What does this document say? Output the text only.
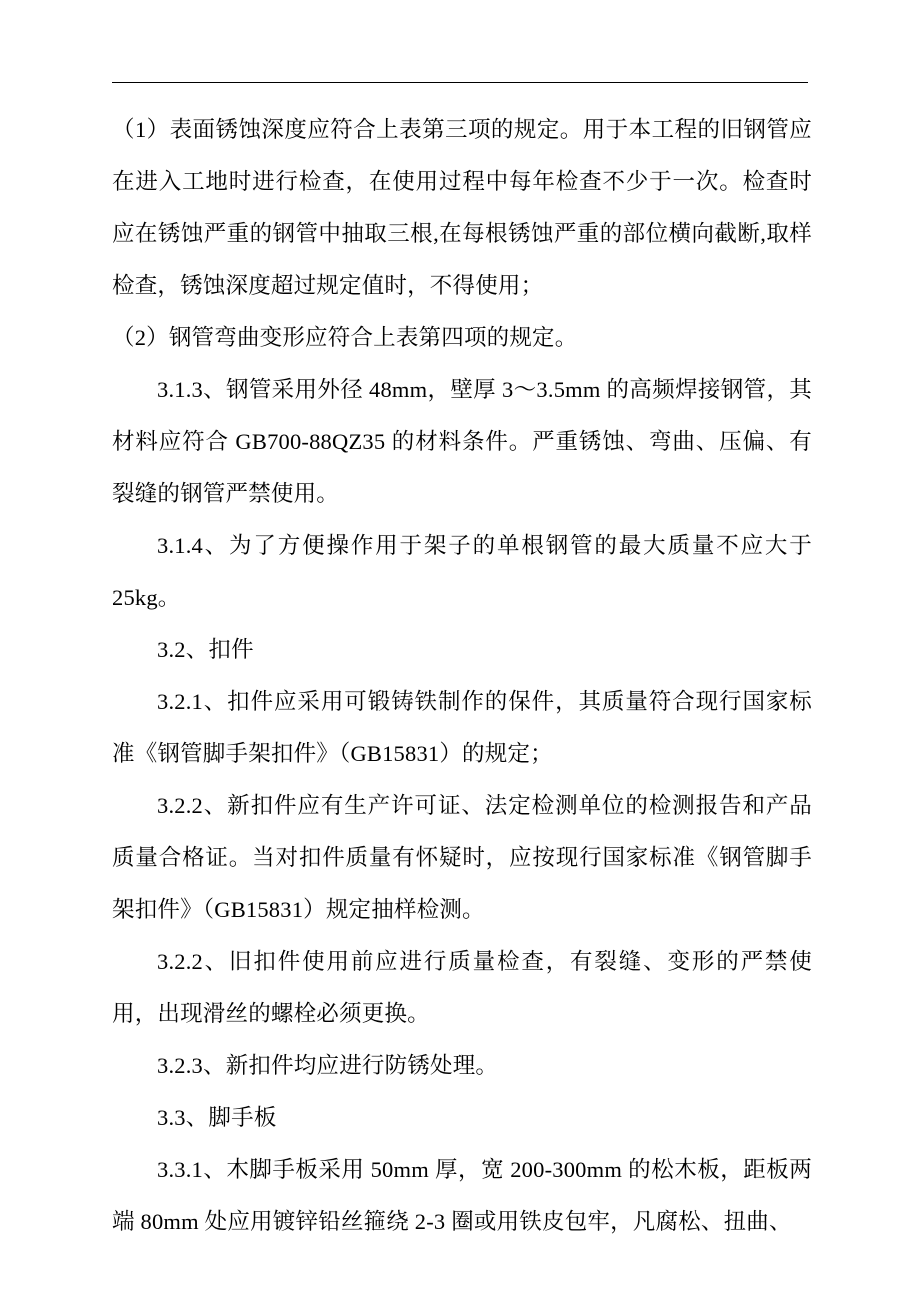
（1）表面锈蚀深度应符合上表第三项的规定。用于本工程的旧钢管应在进入工地时进行检查，在使用过程中每年检查不少于一次。检查时应在锈蚀严重的钢管中抽取三根,在每根锈蚀严重的部位横向截断,取样检查，锈蚀深度超过规定值时，不得使用；

（2）钢管弯曲变形应符合上表第四项的规定。

3.1.3、钢管采用外径 48mm，壁厚 3～3.5mm 的高频焊接钢管，其材料应符合 GB700-88QZ35 的材料条件。严重锈蚀、弯曲、压偏、有裂缝的钢管严禁使用。

3.1.4、为了方便操作用于架子的单根钢管的最大质量不应大于 25kg。

3.2、扣件

3.2.1、扣件应采用可锻铸铁制作的保件，其质量符合现行国家标准《钢管脚手架扣件》（GB15831）的规定；

3.2.2、新扣件应有生产许可证、法定检测单位的检测报告和产品质量合格证。当对扣件质量有怀疑时，应按现行国家标准《钢管脚手架扣件》（GB15831）规定抽样检测。

3.2.2、旧扣件使用前应进行质量检查，有裂缝、变形的严禁使用，出现滑丝的螺栓必须更换。

3.2.3、新扣件均应进行防锈处理。

3.3、脚手板

3.3.1、木脚手板采用 50mm 厚，宽 200-300mm 的松木板，距板两端 80mm 处应用镀锌铅丝箍绕 2-3 圈或用铁皮包牢，凡腐松、扭曲、
